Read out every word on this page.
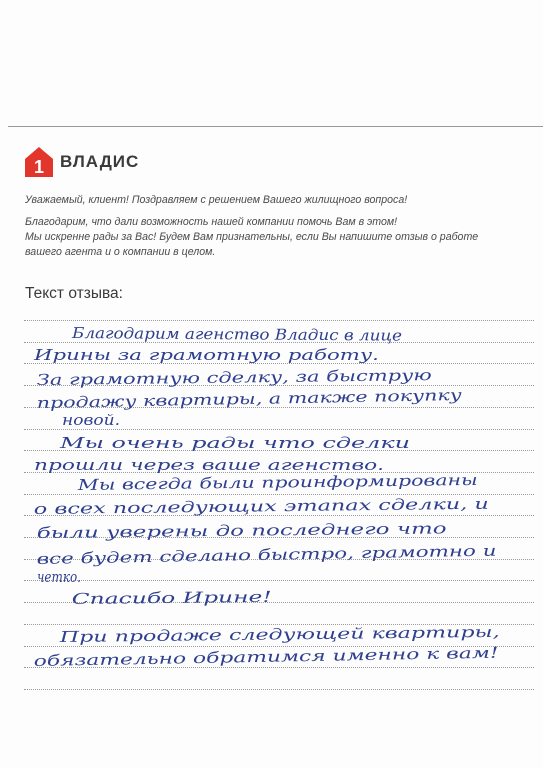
1 ВЛАДИС

Уважаемый, клиент! Поздравляем с решением Вашего жилищного вопроса!

Благодарим, что дали возможность нашей компании помочь Вам в этом!

Мы искренне рады за Вас! Будем Вам признательны, если Вы напишите отзыв о работе

вашего агента и о компании в целом.

Текст отзыва:
Благодарим агенство Владис в лице
Ирины за грамотную работу.
За грамотную сделку, за быструю
продажу квартиры, а также покупку
новой.
Мы очень рады что сделки
прошли через ваше агенство.
Мы всегда были проинформированы
о всех последующих этапах сделки, и
были уверены до последнего что
все будет сделано быстро, грамотно и
четко.
Спасибо Ирине!
При продаже следующей квартиры,
обязательно обратимся именно к вам!
